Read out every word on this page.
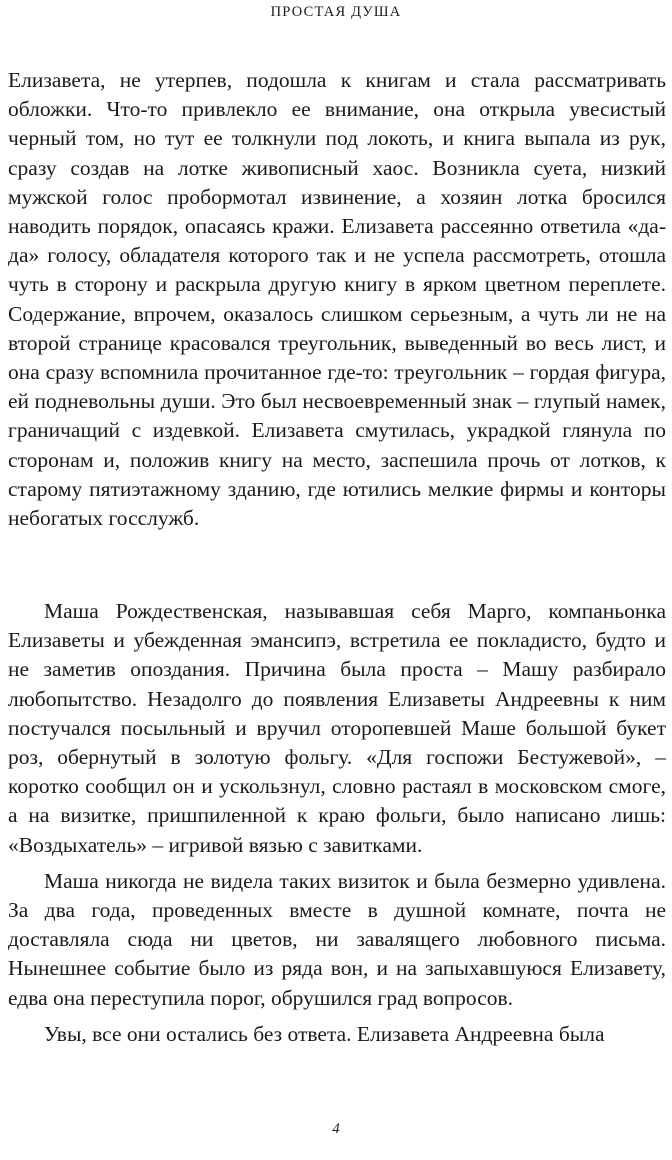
ПРОСТАЯ ДУША

Елизавета, не утерпев, подошла к книгам и стала рассматривать обложки. Что-то привлекло ее внимание, она открыла увесистый черный том, но тут ее толкнули под локоть, и книга выпала из рук, сразу создав на лотке живописный хаос. Возникла суета, низкий мужской голос пробормотал извинение, а хозяин лотка бросился наводить порядок, опасаясь кражи. Елизавета рассеянно ответила «да-да» голосу, обладателя которого так и не успела рассмотреть, отошла чуть в сторону и раскрыла другую книгу в ярком цветном переплете. Содержание, впрочем, оказалось слишком серьезным, а чуть ли не на второй странице красовался треугольник, выведенный во весь лист, и она сразу вспомнила прочитанное где-то: треугольник – гордая фигура, ей подневольны души. Это был несвоевременный знак – глупый намек, граничащий с издевкой. Елизавета смутилась, украдкой глянула по сторонам и, положив книгу на место, заспешила прочь от лотков, к старому пятиэтажному зданию, где ютились мелкие фирмы и конторы небогатых госслужб.

Маша Рождественская, называвшая себя Марго, компаньонка Елизаветы и убежденная эмансипэ, встретила ее покладисто, будто и не заметив опоздания. Причина была проста – Машу разбирало любопытство. Незадолго до появления Елизаветы Андреевны к ним постучался посыльный и вручил оторопевшей Маше большой букет роз, обернутый в золотую фольгу. «Для госпожи Бестужевой», – коротко сообщил он и ускользнул, словно растаял в московском смоге, а на визитке, пришпиленной к краю фольги, было написано лишь: «Воздыхатель» – игривой вязью с завитками.

Маша никогда не видела таких визиток и была безмерно удивлена. За два года, проведенных вместе в душной комнате, почта не доставляла сюда ни цветов, ни завалящего любовного письма. Нынешнее событие было из ряда вон, и на запыхавшуюся Елизавету, едва она переступила порог, обрушился град вопросов.

Увы, все они остались без ответа. Елизавета Андреевна была

4
